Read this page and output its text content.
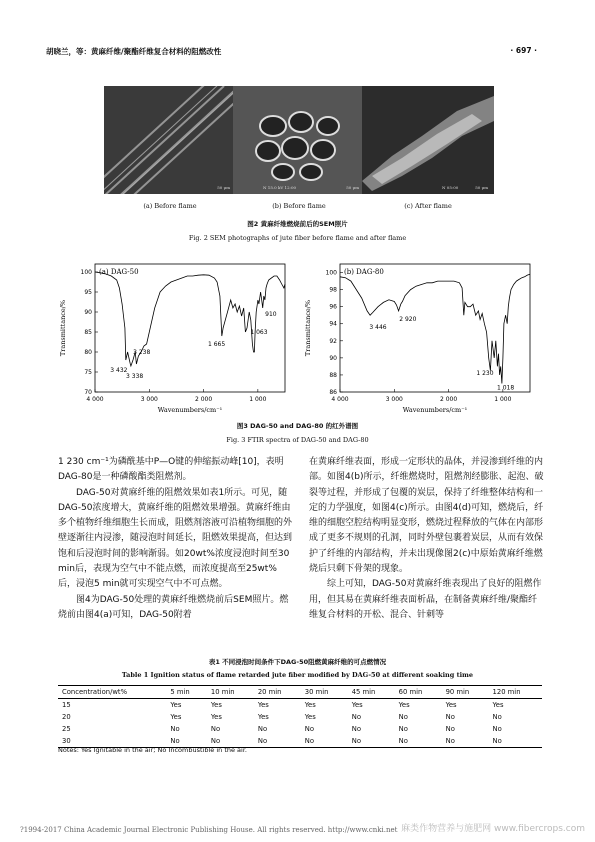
胡晓兰，等：黄麻纤维/聚酯纤维复合材料的阻燃改性	· 697 ·
50 μm	N 15.0 kV 12:00	50 μm	N 05:00	50 μm
(a) Before flame	(b) Before flame	(c) After flame
图2 黄麻纤维燃烧前后的SEM照片
Fig. 2 SEM photographs of jute fiber before flame and after flame
100
95
90
85
80
75
70
4 000	3 000	2 000	1 000
(a) DAG-50
Wavenumbers/cm⁻¹
Transmittance/%
3 432
3 238
3 338
1 665
1 063
910
100
98
96
94
92
90
88
86
4 000	3 000	2 000	1 000
(b) DAG-80
Wavenumbers/cm⁻¹
Transmittance/%	2 920
3 446
1 230
1 018
图3 DAG-50 and DAG-80 的红外谱图
Fig. 3 FTIR spectra of DAG-50 and DAG-80
1 230 cm⁻¹为磷酰基中P—O键的伸缩振动峰[10]，表明DAG-80是一种磷酸酯类阻燃剂。
DAG-50对黄麻纤维的阻燃效果如表1所示。可见，随DAG-50浓度增大，黄麻纤维的阻燃效果增强。黄麻纤维由多个植物纤维细胞生长而成，阻燃剂溶液可沿植物细胞的外壁逐渐往内浸渗，随浸泡时间延长，阻燃效果提高，但达到饱和后浸泡时间的影响渐弱。如20wt%浓度浸泡时间至30 min后，表现为空气中不能点燃，而浓度提高至25wt%后，浸泡5 min就可实现空气中不可点燃。
图4为DAG-50处理的黄麻纤维燃烧前后SEM照片。燃烧前由图4(a)可知，DAG-50附着
在黄麻纤维表面，形成一定形状的晶体，并浸渗到纤维的内部。如图4(b)所示，纤维燃烧时，阻燃剂经膨胀、起泡、破裂等过程，并形成了包覆的炭层，保持了纤维整体结构和一定的力学强度，如图4(c)所示。由图4(d)可知，燃烧后，纤维的细胞空腔结构明显变形，燃烧过程释放的气体在内部形成了更多不规则的孔洞，同时外壁包裹着炭层，从而有效保护了纤维的内部结构，并未出现像图2(c)中原始黄麻纤维燃烧后只剩下骨架的现象。
综上可知，DAG-50对黄麻纤维表现出了良好的阻燃作用，但其易在黄麻纤维表面析晶，在制备黄麻纤维/聚酯纤维复合材料的开松、混合、针刺等
表1 不同浸泡时间条件下DAG-50阻燃黄麻纤维的可点燃情况
Table 1 Ignition status of flame retarded jute fiber modified by DAG-50 at different soaking time
Concentration/wt%	5 min	10 min	20 min	30 min	45 min	60 min	90 min	120 min
15	Yes	Yes	Yes	Yes	Yes	Yes	Yes	Yes
20	Yes	Yes	Yes	Yes	No	No	No	No
25	No	No	No	No	No	No	No	No
30	No	No	No	No	No	No	No	No
Notes: Yes Ignitable in the air; No Incombustible in the air.
?1994-2017 China Academic Journal Electronic Publishing House. All rights reserved. http://www.cnki.net 麻类作物营养与施肥网 www.fibercrops.com
